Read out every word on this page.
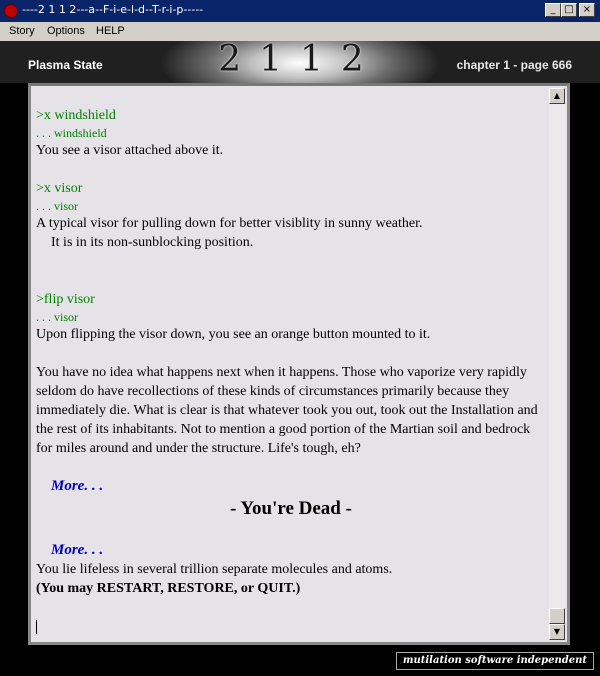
----2 1 1 2---a--F-i-e-l-d--T-r-i-p-----	_ □ ×
Story Options HELP
Plasma State	2112	chapter 1 - page 666
>x windshield
. . . windshield
You see a visor attached above it.
>x visor
. . . visor
A typical visor for pulling down for better visiblity in sunny weather.
It is in its non-sunblocking position.
>flip visor
. . . visor
Upon flipping the visor down, you see an orange button mounted to it.
You have no idea what happens next when it happens. Those who vaporize very rapidly seldom do have recollections of these kinds of circumstances primarily because they immediately die. What is clear is that whatever took you out, took out the Installation and the rest of its inhabitants. Not to mention a good portion of the Martian soil and bedrock for miles around and under the structure. Life's tough, eh?
More. . .
- You're Dead -
More. . .
You lie lifeless in several trillion separate molecules and atoms.
(You may RESTART, RESTORE, or QUIT.)
▲
▼
mutilation software independent
